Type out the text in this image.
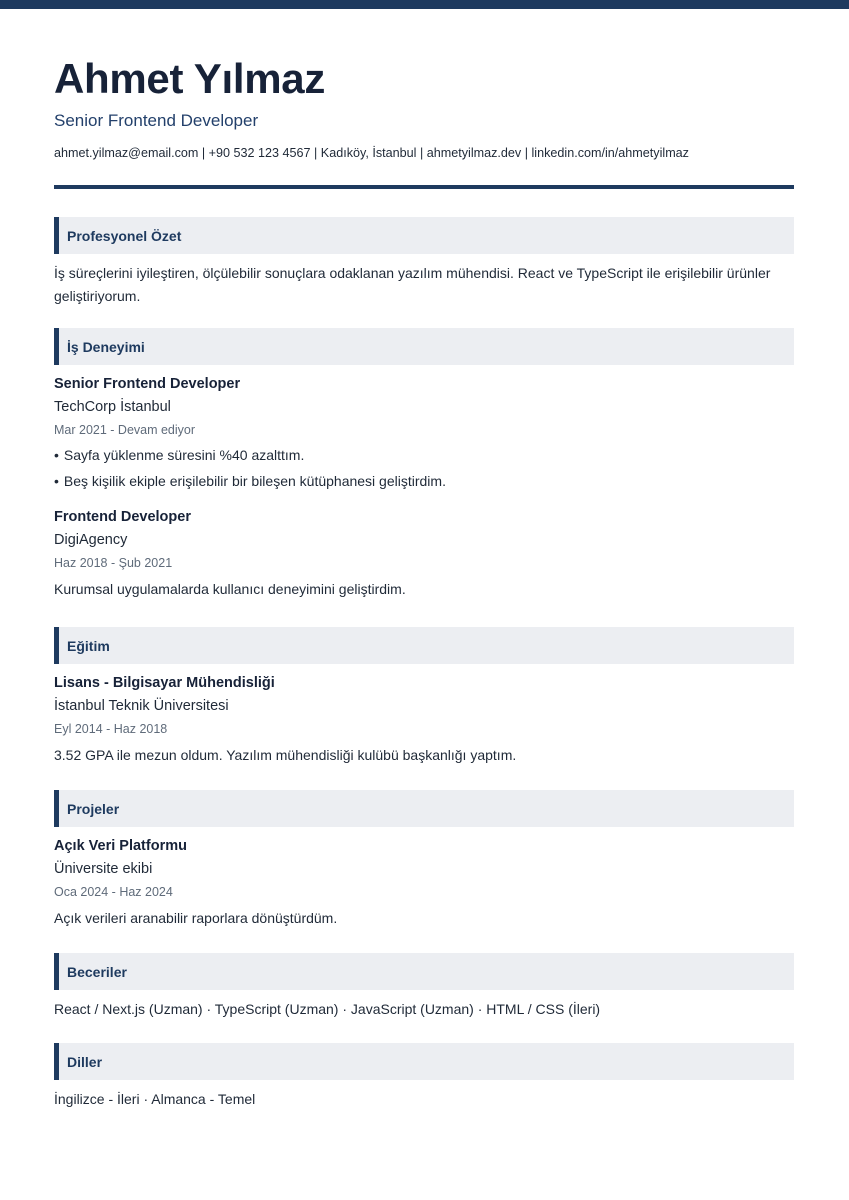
Ahmet Yılmaz
Senior Frontend Developer
ahmet.yilmaz@email.com | +90 532 123 4567 | Kadıköy, İstanbul | ahmetyilmaz.dev | linkedin.com/in/ahmetyilmaz
Profesyonel Özet

İş süreçlerini iyileştiren, ölçülebilir sonuçlara odaklanan yazılım mühendisi. React ve TypeScript ile erişilebilir ürünler geliştiriyorum.

İş Deneyimi
Senior Frontend Developer
TechCorp İstanbul
Mar 2021 - Devam ediyor
• Sayfa yüklenme süresini %40 azalttım.
• Beş kişilik ekiple erişilebilir bir bileşen kütüphanesi geliştirdim.
Frontend Developer
DigiAgency
Haz 2018 - Şub 2021
Kurumsal uygulamalarda kullanıcı deneyimini geliştirdim.
Eğitim
Lisans - Bilgisayar Mühendisliği
İstanbul Teknik Üniversitesi
Eyl 2014 - Haz 2018
3.52 GPA ile mezun oldum. Yazılım mühendisliği kulübü başkanlığı yaptım.
Projeler
Açık Veri Platformu
Üniversite ekibi
Oca 2024 - Haz 2024
Açık verileri aranabilir raporlara dönüştürdüm.
Beceriler
React / Next.js (Uzman) · TypeScript (Uzman) · JavaScript (Uzman) · HTML / CSS (İleri)
Diller
İngilizce - İleri · Almanca - Temel
